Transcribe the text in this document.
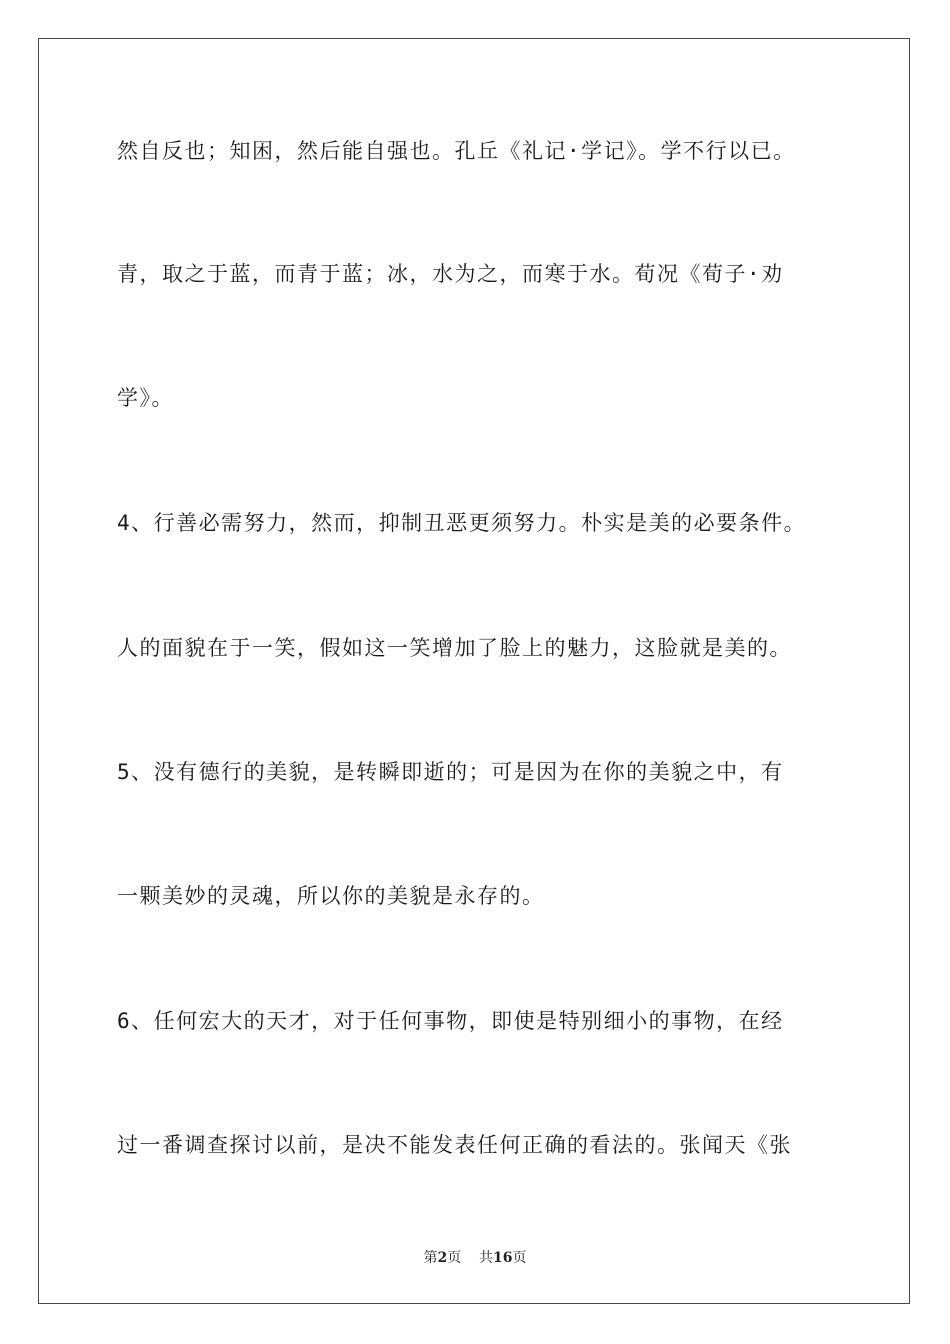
然自反也；知困，然后能自强也。孔丘《礼记·学记》。学不行以已。
青，取之于蓝，而青于蓝；冰，水为之，而寒于水。荀况《荀子·劝
学》。
4、行善必需努力，然而，抑制丑恶更须努力。朴实是美的必要条件。
人的面貌在于一笑，假如这一笑增加了脸上的魅力，这脸就是美的。
5、没有德行的美貌，是转瞬即逝的；可是因为在你的美貌之中，有
一颗美妙的灵魂，所以你的美貌是永存的。
6、任何宏大的天才，对于任何事物，即使是特别细小的事物，在经
过一番调查探讨以前，是决不能发表任何正确的看法的。张闻天《张
第2页 共16页
